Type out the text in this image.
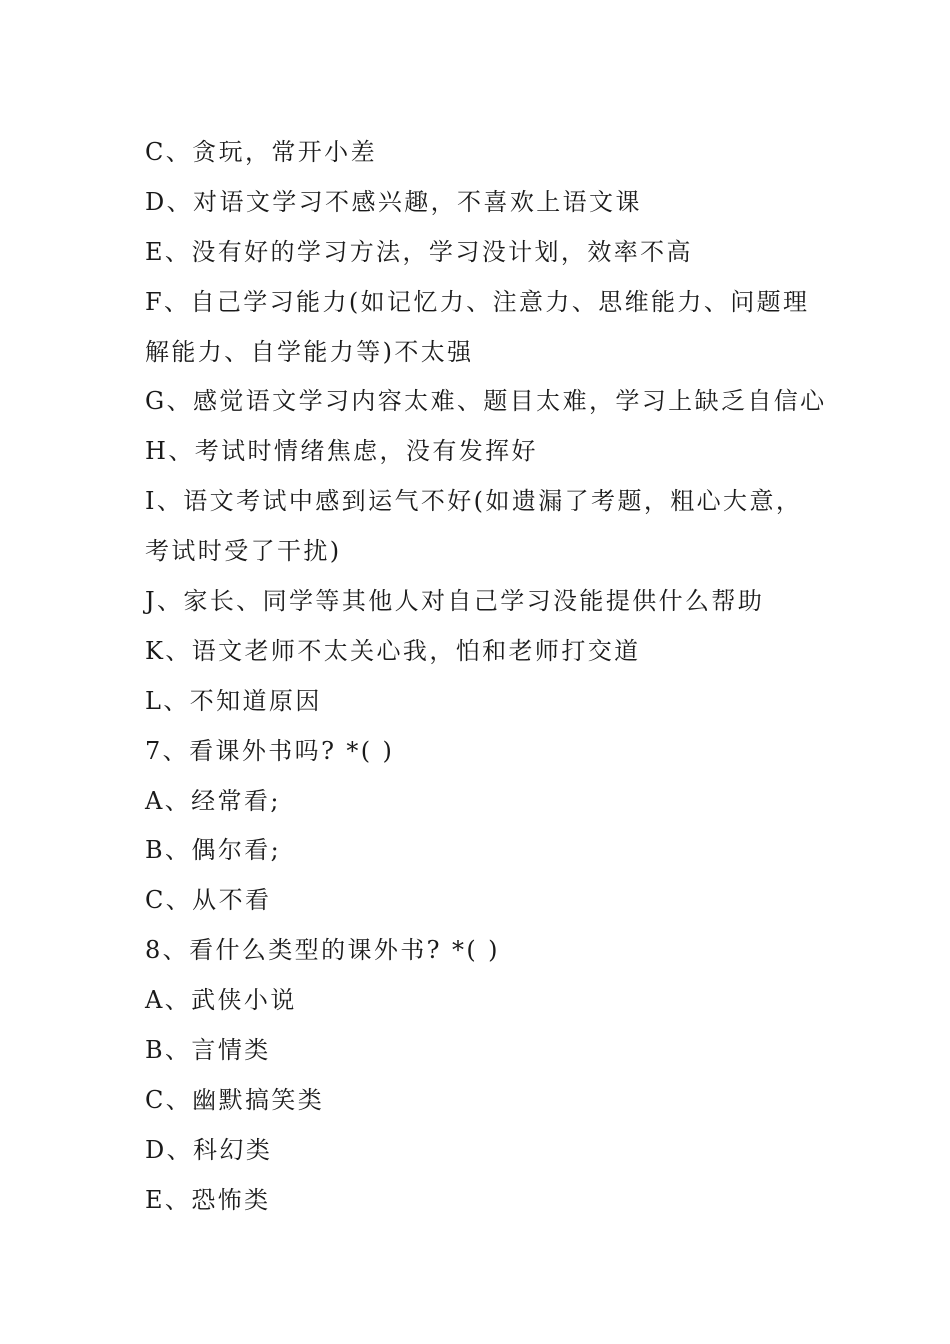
C、贪玩，常开小差
D、对语文学习不感兴趣，不喜欢上语文课
E、没有好的学习方法，学习没计划，效率不高
F、自己学习能力(如记忆力、注意力、思维能力、问题理
解能力、自学能力等)不太强
G、感觉语文学习内容太难、题目太难，学习上缺乏自信心
H、考试时情绪焦虑，没有发挥好
I、语文考试中感到运气不好(如遗漏了考题，粗心大意，
考试时受了干扰)
J、家长、同学等其他人对自己学习没能提供什么帮助
K、语文老师不太关心我，怕和老师打交道
L、不知道原因
7、看课外书吗? *( )
A、经常看;
B、偶尔看;
C、从不看
8、看什么类型的课外书? *( )
A、武侠小说
B、言情类
C、幽默搞笑类
D、科幻类
E、恐怖类
